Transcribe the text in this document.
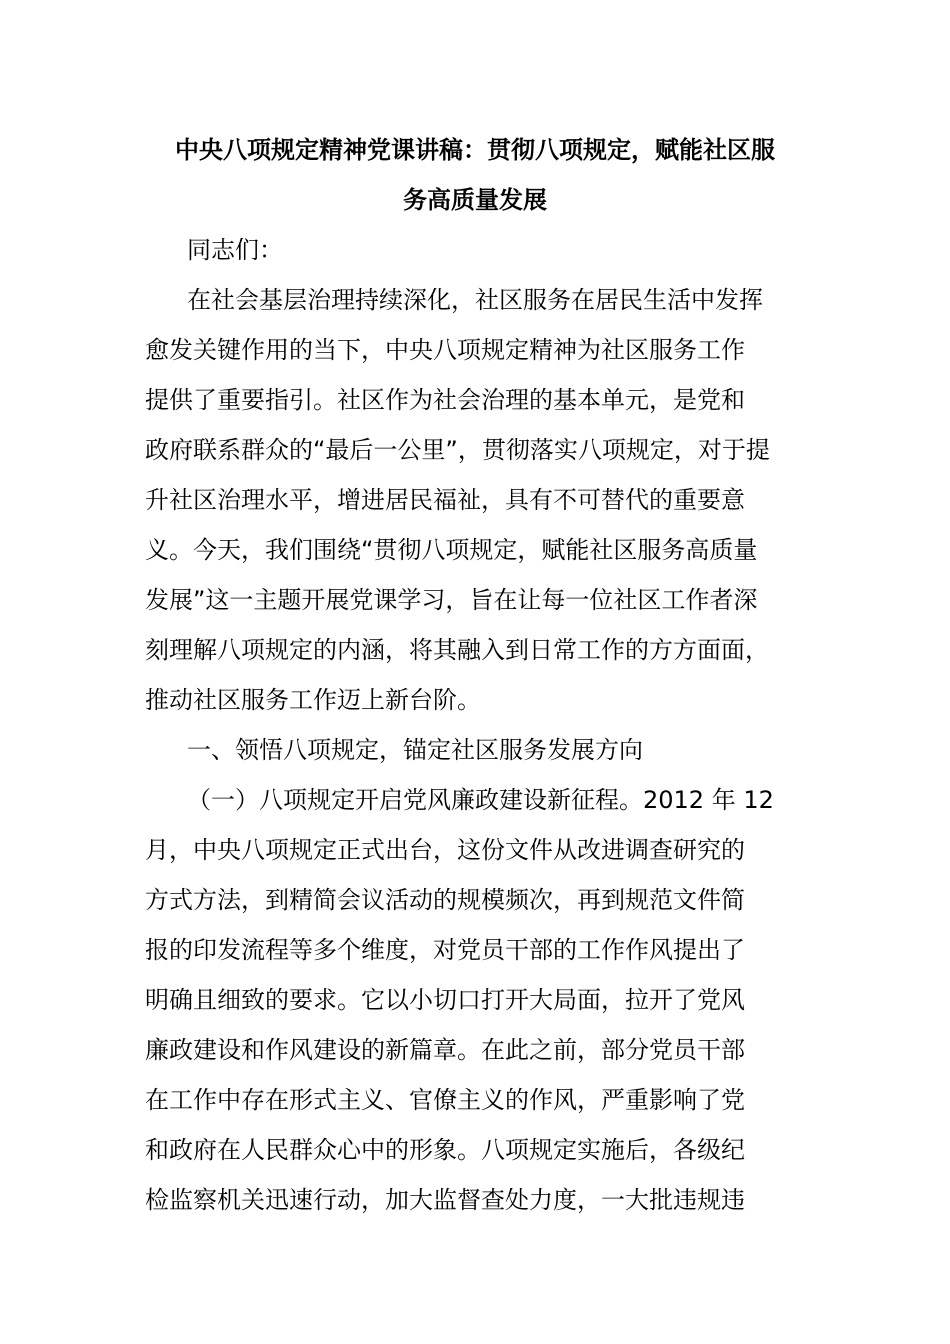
中央八项规定精神党课讲稿：贯彻八项规定，赋能社区服
务高质量发展
同志们：
在社会基层治理持续深化，社区服务在居民生活中发挥
愈发关键作用的当下，中央八项规定精神为社区服务工作
提供了重要指引。社区作为社会治理的基本单元，是党和
政府联系群众的“最后一公里”，贯彻落实八项规定，对于提
升社区治理水平，增进居民福祉，具有不可替代的重要意
义。今天，我们围绕“贯彻八项规定，赋能社区服务高质量
发展”这一主题开展党课学习，旨在让每一位社区工作者深
刻理解八项规定的内涵，将其融入到日常工作的方方面面，
推动社区服务工作迈上新台阶。
一、领悟八项规定，锚定社区服务发展方向
（一）八项规定开启党风廉政建设新征程。2012 年 12
月，中央八项规定正式出台，这份文件从改进调查研究的
方式方法，到精简会议活动的规模频次，再到规范文件简
报的印发流程等多个维度，对党员干部的工作作风提出了
明确且细致的要求。它以小切口打开大局面，拉开了党风
廉政建设和作风建设的新篇章。在此之前，部分党员干部
在工作中存在形式主义、官僚主义的作风，严重影响了党
和政府在人民群众心中的形象。八项规定实施后，各级纪
检监察机关迅速行动，加大监督查处力度，一大批违规违
